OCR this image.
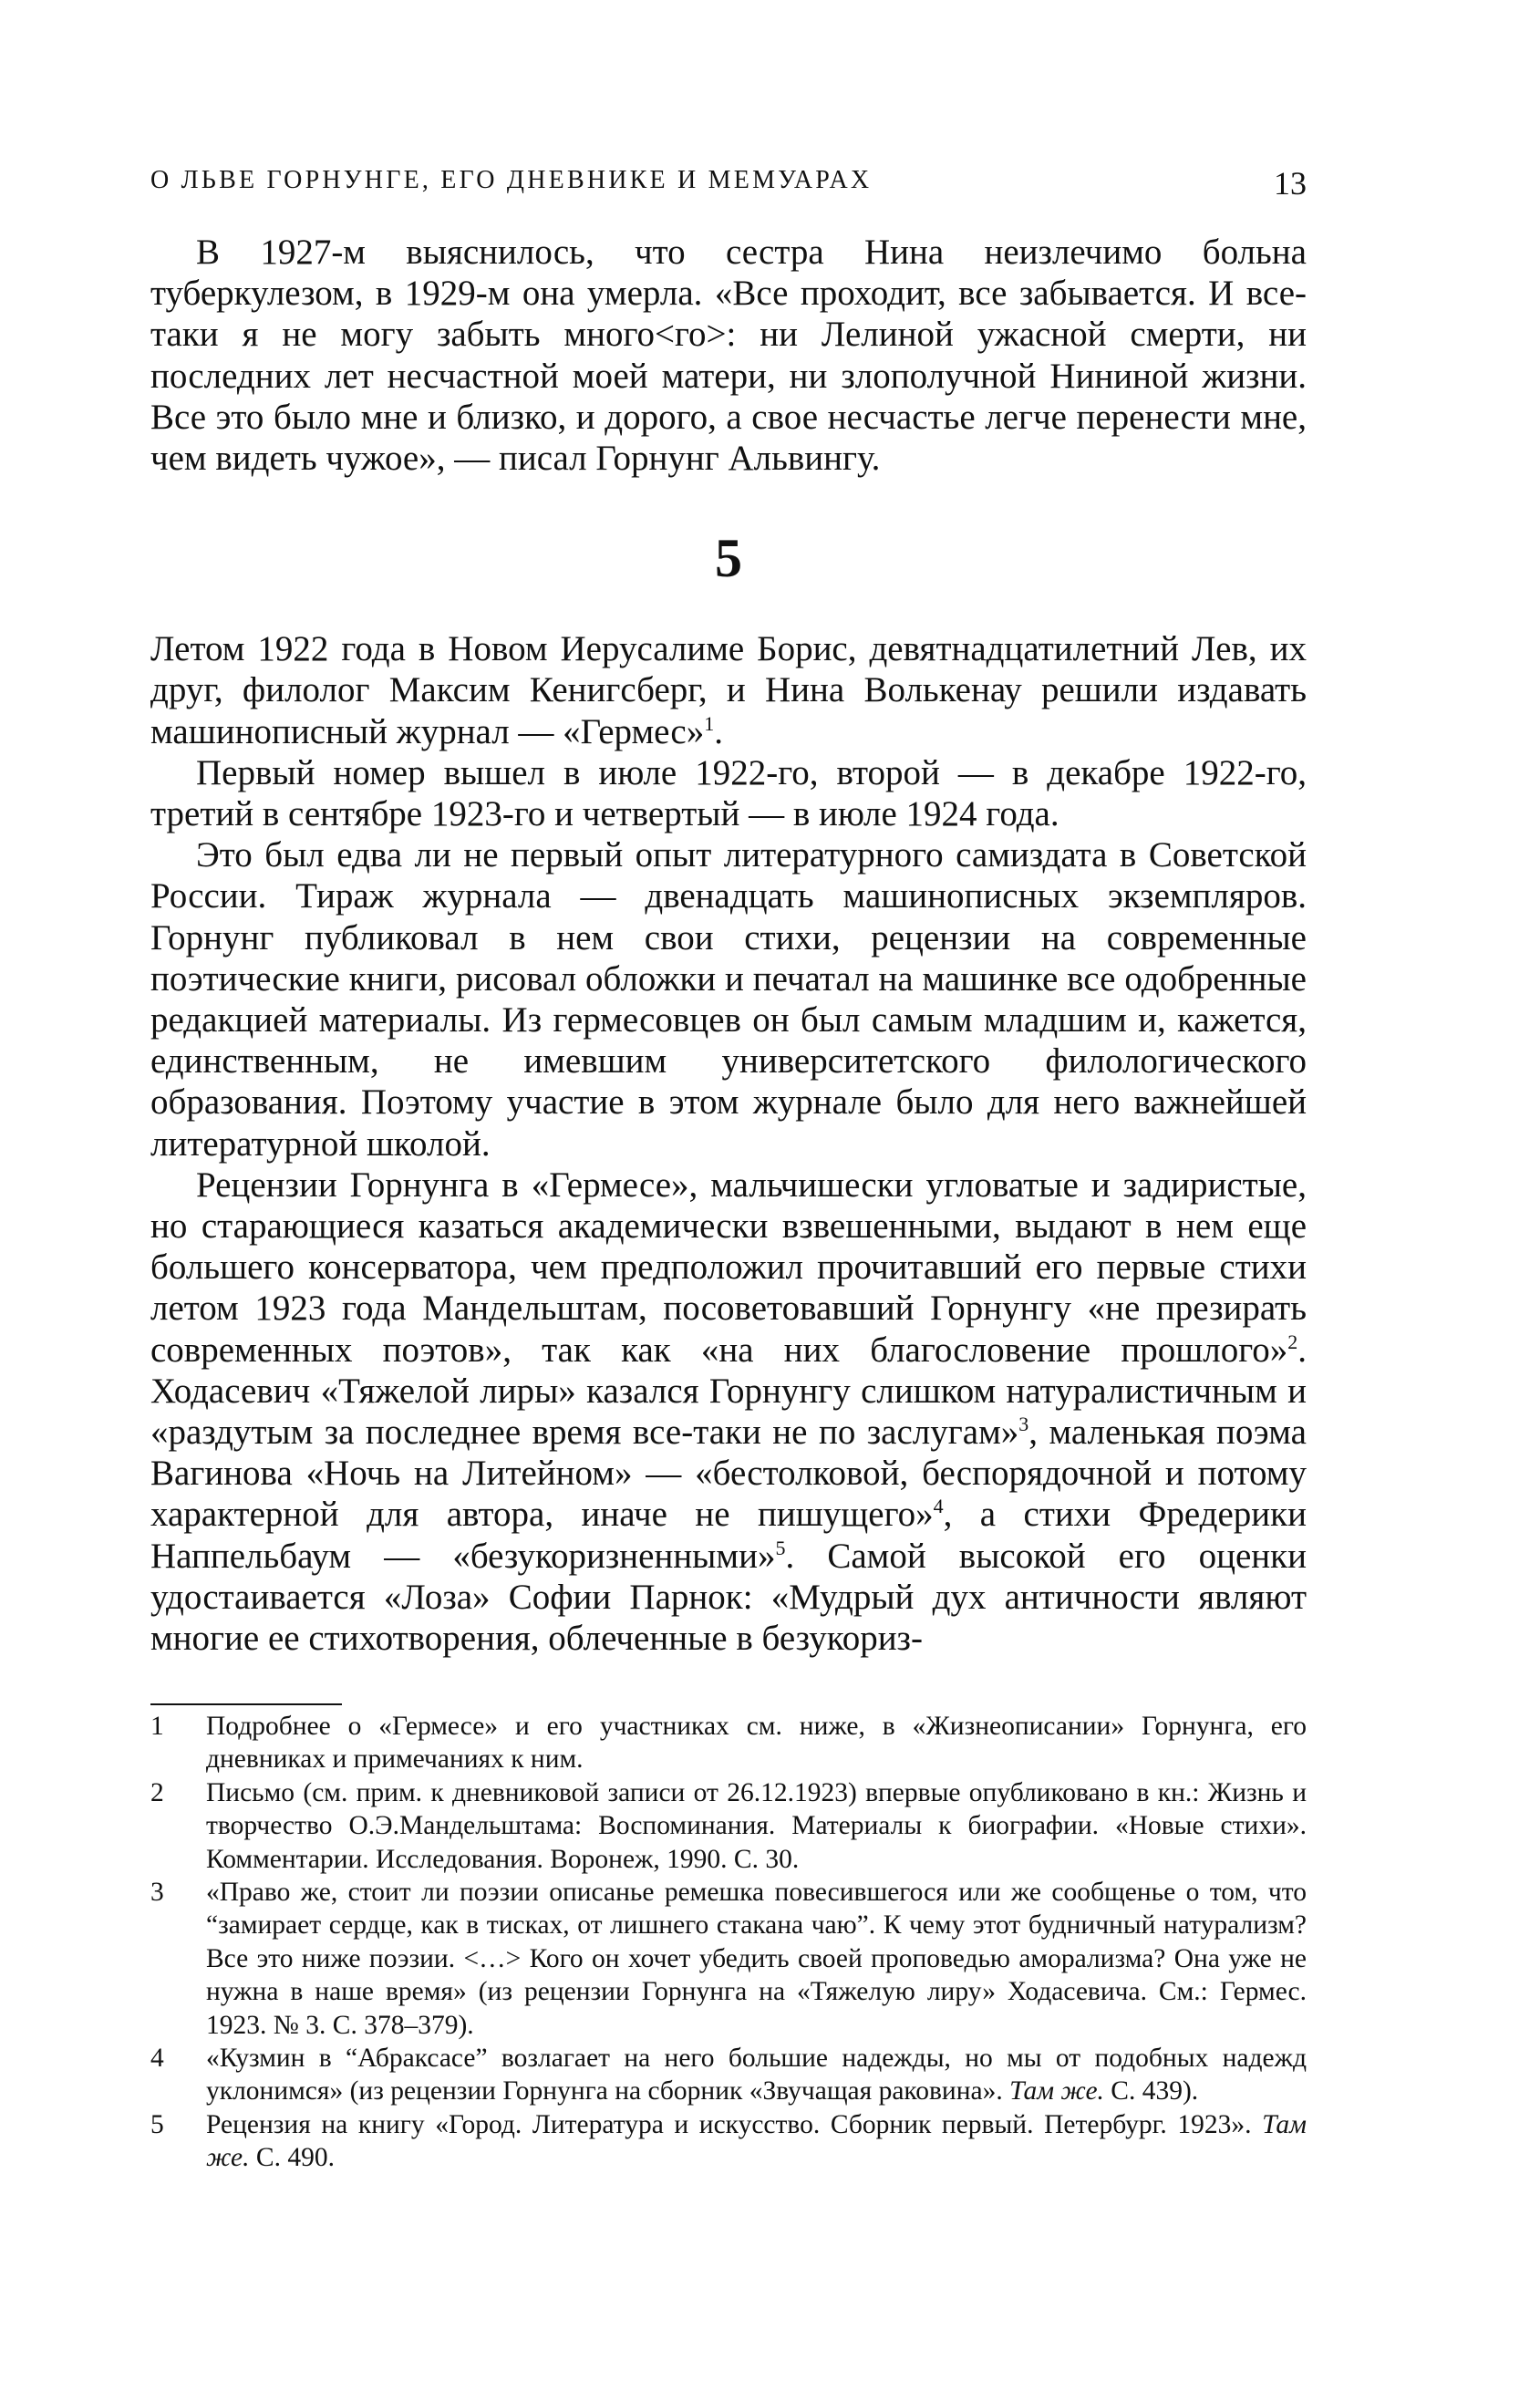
О ЛЬВЕ ГОРНУНГЕ, ЕГО ДНЕВНИКЕ И МЕМУАРАХ	13

В 1927-м выяснилось, что сестра Нина неизлечимо больна туберкулезом, в 1929-м она умерла. «Все проходит, все забывается. И все-таки я не могу забыть много<го>: ни Лелиной ужасной смерти, ни последних лет несчастной моей матери, ни злополучной Нининой жизни. Все это было мне и близко, и дорого, а свое несчастье легче перенести мне, чем видеть чужое», — писал Горнунг Альвингу.

5

Летом 1922 года в Новом Иерусалиме Борис, девятнадцатилетний Лев, их друг, филолог Максим Кенигсберг, и Нина Волькенау решили издавать машинописный журнал — «Гермес»$^1$.

Первый номер вышел в июле 1922-го, второй — в декабре 1922-го, третий в сентябре 1923-го и четвертый — в июле 1924 года.

Это был едва ли не первый опыт литературного самиздата в Советской России. Тираж журнала — двенадцать машинописных экземпляров. Горнунг публиковал в нем свои стихи, рецензии на современные поэтические книги, рисовал обложки и печатал на машинке все одобренные редакцией материалы. Из гермесовцев он был самым младшим и, кажется, единственным, не имевшим университетского филологического образования. Поэтому участие в этом журнале было для него важнейшей литературной школой.

Рецензии Горнунга в «Гермесе», мальчишески угловатые и задиристые, но старающиеся казаться академически взвешенными, выдают в нем еще большего консерватора, чем предположил прочитавший его первые стихи летом 1923 года Мандельштам, посоветовавший Горнунгу «не презирать современных поэтов», так как «на них благословение прошлого»$^2$. Ходасевич «Тяжелой лиры» казался Горнунгу слишком натуралистичным и «раздутым за последнее время все-таки не по заслугам»$^3$, маленькая поэма Вагинова «Ночь на Литейном» — «бестолковой, беспорядочной и потому характерной для автора, иначе не пишущего»$^4$, а стихи Фредерики Наппельбаум — «безукоризненными»$^5$. Самой высокой его оценки удостаивается «Лоза» Софии Парнок: «Мудрый дух античности являют многие ее стихотворения, облеченные в безукориз-

1	Подробнее о «Гермесе» и его участниках см. ниже, в «Жизнеописании» Горнунга, его дневниках и примечаниях к ним.
2	Письмо (см. прим. к дневниковой записи от 26.12.1923) впервые опубликовано в кн.: Жизнь и творчество О.Э.Мандельштама: Воспоминания. Материалы к биографии. «Новые стихи». Комментарии. Исследования. Воронеж, 1990. С. 30.
3	«Право же, стоит ли поэзии описанье ремешка повесившегося или же сообщенье о том, что “замирает сердце, как в тисках, от лишнего стакана чаю”. К чему этот будничный натурализм? Все это ниже поэзии. <…> Кого он хочет убедить своей проповедью аморализма? Она уже не нужна в наше время» (из рецензии Горнунга на «Тяжелую лиру» Ходасевича. См.: Гермес. 1923. № 3. С. 378–379).
4	«Кузмин в “Абраксасе” возлагает на него большие надежды, но мы от подобных надежд уклонимся» (из рецензии Горнунга на сборник «Звучащая раковина». Там же. С. 439).
5	Рецензия на книгу «Город. Литература и искусство. Сборник первый. Петербург. 1923». Там же. С. 490.
